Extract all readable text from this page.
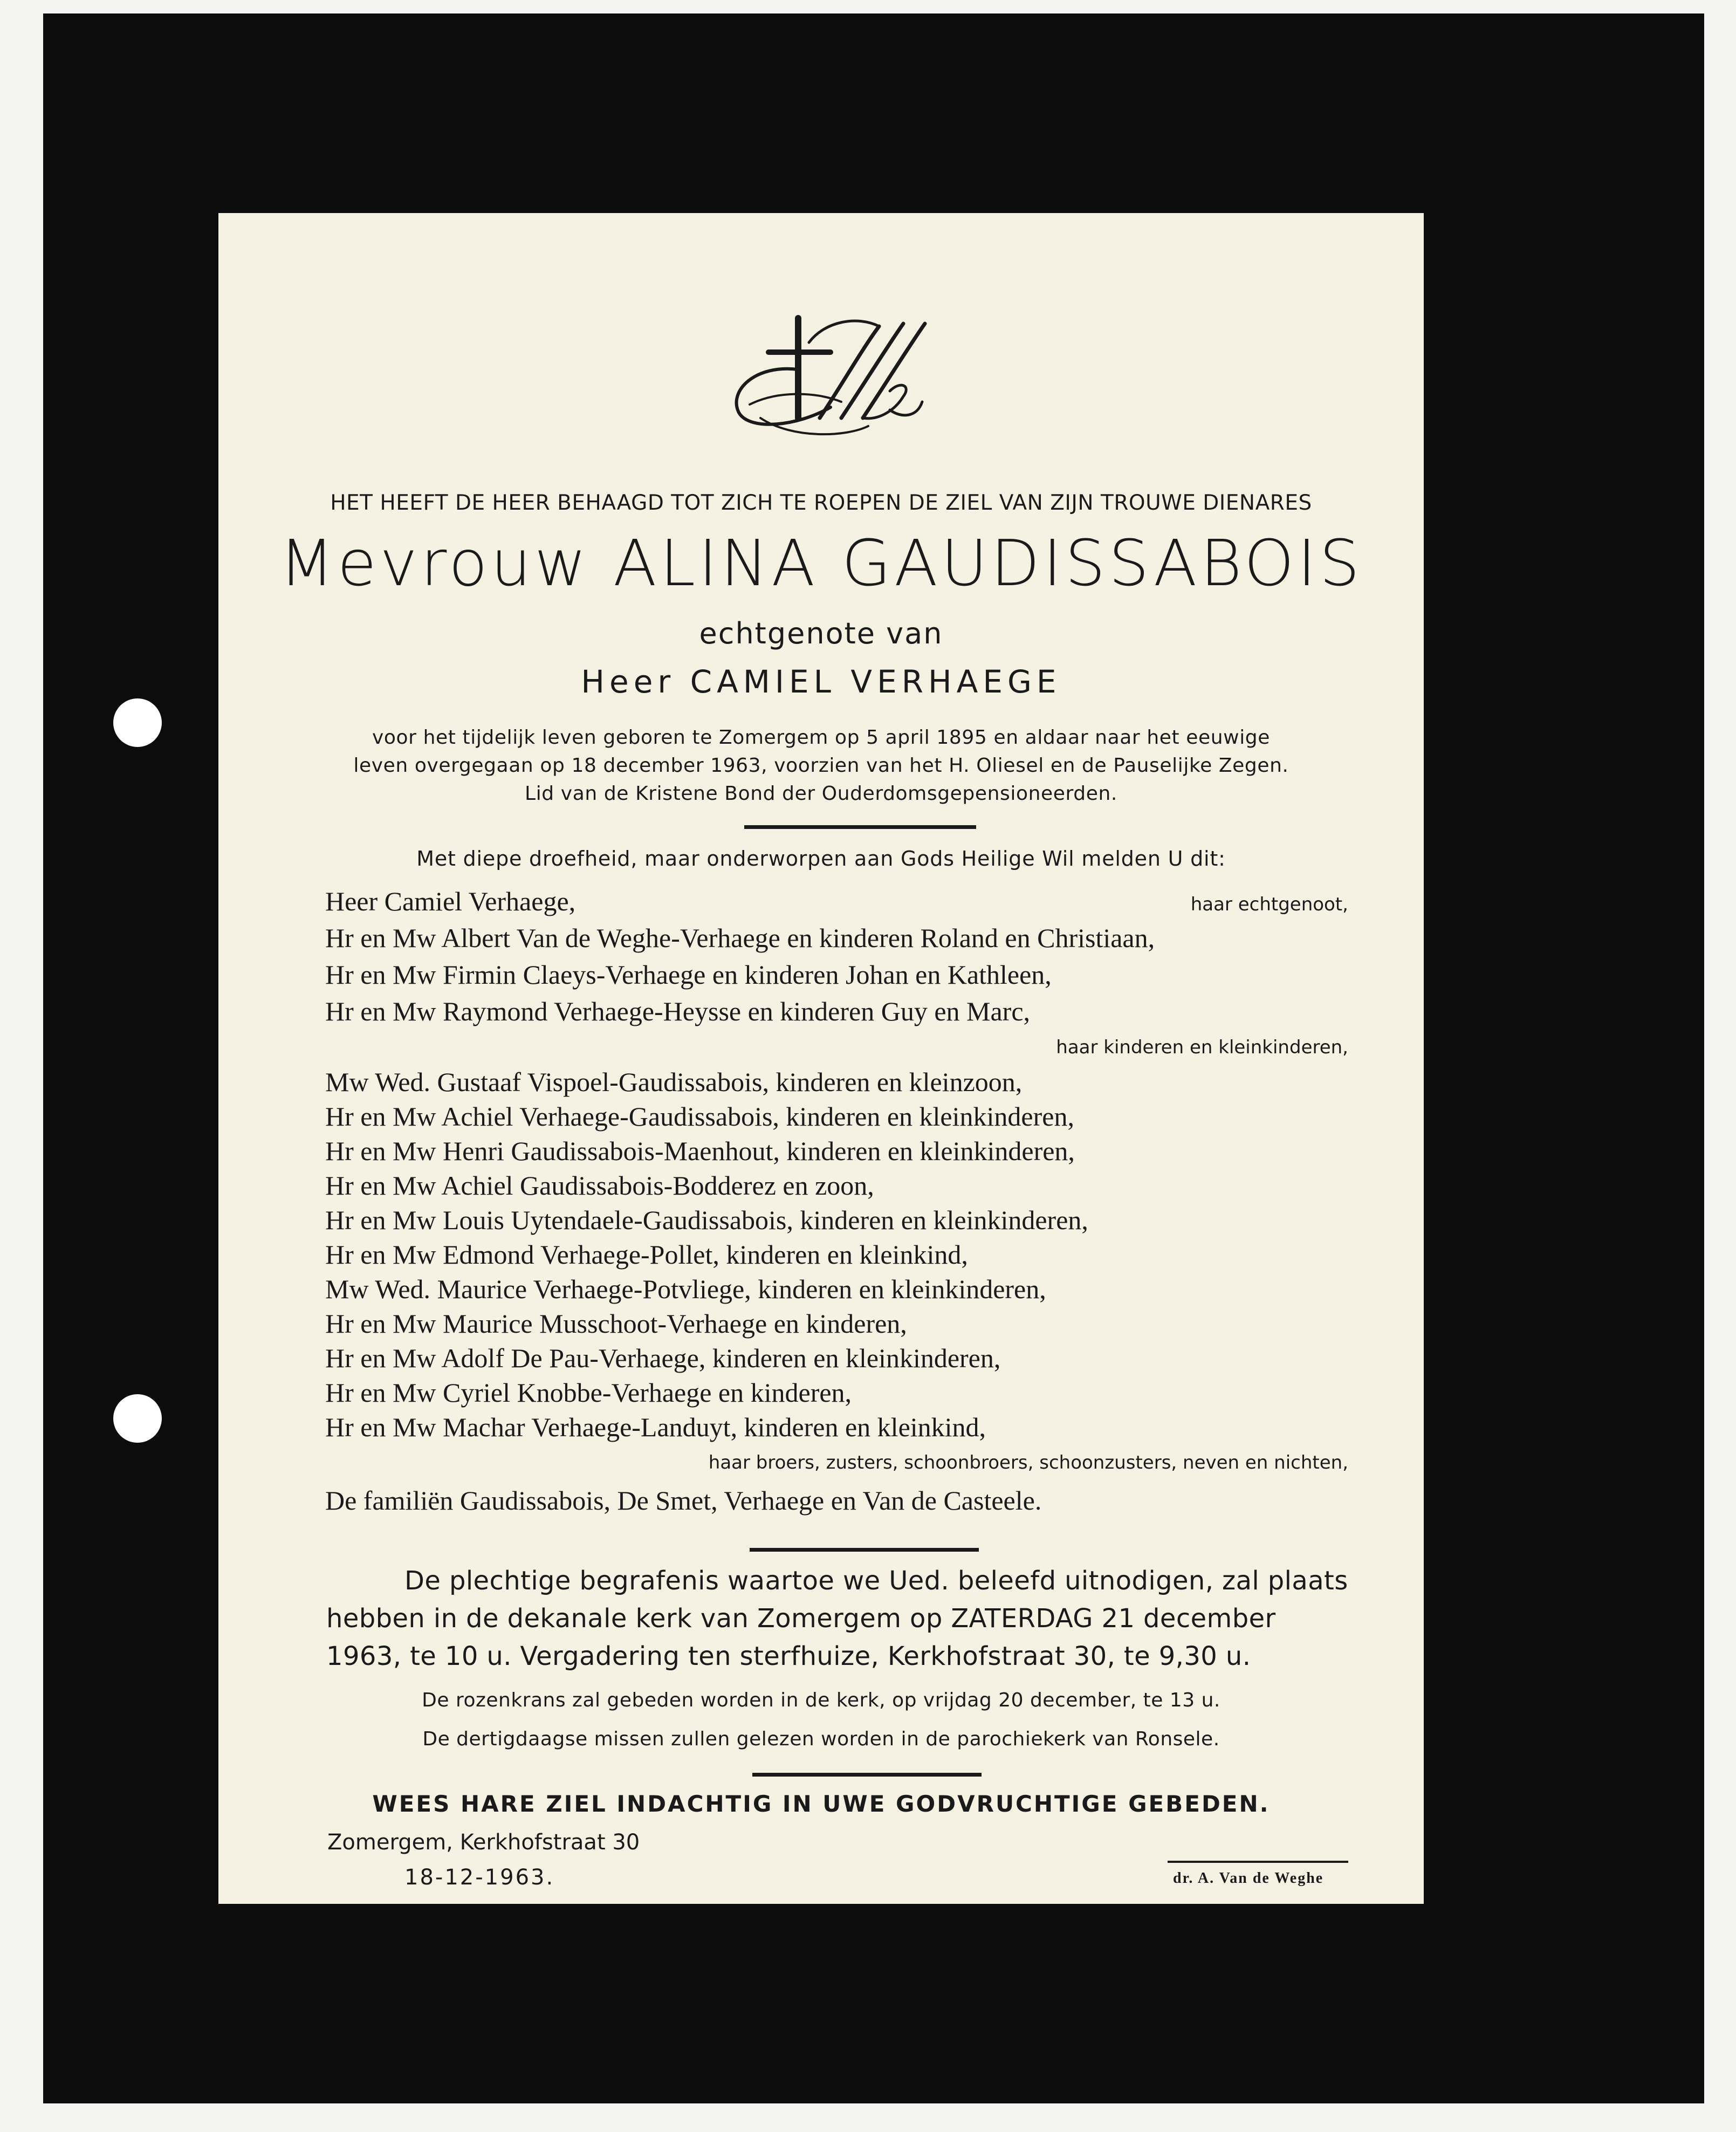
HET HEEFT DE HEER BEHAAGD TOT ZICH TE ROEPEN DE ZIEL VAN ZIJN TROUWE DIENARES
Mevrouw ALINA GAUDISSABOIS
echtgenote van
Heer CAMIEL VERHAEGE
voor het tijdelijk leven geboren te Zomergem op 5 april 1895 en aldaar naar het eeuwige
leven overgegaan op 18 december 1963, voorzien van het H. Oliesel en de Pauselijke Zegen.
Lid van de Kristene Bond der Ouderdomsgepensioneerden.
Met diepe droefheid, maar onderworpen aan Gods Heilige Wil melden U dit:
Heer Camiel Verhaege,	haar echtgenoot,
Hr en Mw Albert Van de Weghe-Verhaege en kinderen Roland en Christiaan,
Hr en Mw Firmin Claeys-Verhaege en kinderen Johan en Kathleen,
Hr en Mw Raymond Verhaege-Heysse en kinderen Guy en Marc,
haar kinderen en kleinkinderen,
Mw Wed. Gustaaf Vispoel-Gaudissabois, kinderen en kleinzoon,
Hr en Mw Achiel Verhaege-Gaudissabois, kinderen en kleinkinderen,
Hr en Mw Henri Gaudissabois-Maenhout, kinderen en kleinkinderen,
Hr en Mw Achiel Gaudissabois-Bodderez en zoon,
Hr en Mw Louis Uytendaele-Gaudissabois, kinderen en kleinkinderen,
Hr en Mw Edmond Verhaege-Pollet, kinderen en kleinkind,
Mw Wed. Maurice Verhaege-Potvliege, kinderen en kleinkinderen,
Hr en Mw Maurice Musschoot-Verhaege en kinderen,
Hr en Mw Adolf De Pau-Verhaege, kinderen en kleinkinderen,
Hr en Mw Cyriel Knobbe-Verhaege en kinderen,
Hr en Mw Machar Verhaege-Landuyt, kinderen en kleinkind,
haar broers, zusters, schoonbroers, schoonzusters, neven en nichten,
De familiën Gaudissabois, De Smet, Verhaege en Van de Casteele.
De plechtige begrafenis waartoe we Ued. beleefd uitnodigen, zal plaats
hebben in de dekanale kerk van Zomergem op ZATERDAG 21 december
1963, te 10 u. Vergadering ten sterfhuize, Kerkhofstraat 30, te 9,30 u.
De rozenkrans zal gebeden worden in de kerk, op vrijdag 20 december, te 13 u.
De dertigdaagse missen zullen gelezen worden in de parochiekerk van Ronsele.
WEES HARE ZIEL INDACHTIG IN UWE GODVRUCHTIGE GEBEDEN.
Zomergem, Kerkhofstraat 30
18-12-1963.	dr. A. Van de Weghe
